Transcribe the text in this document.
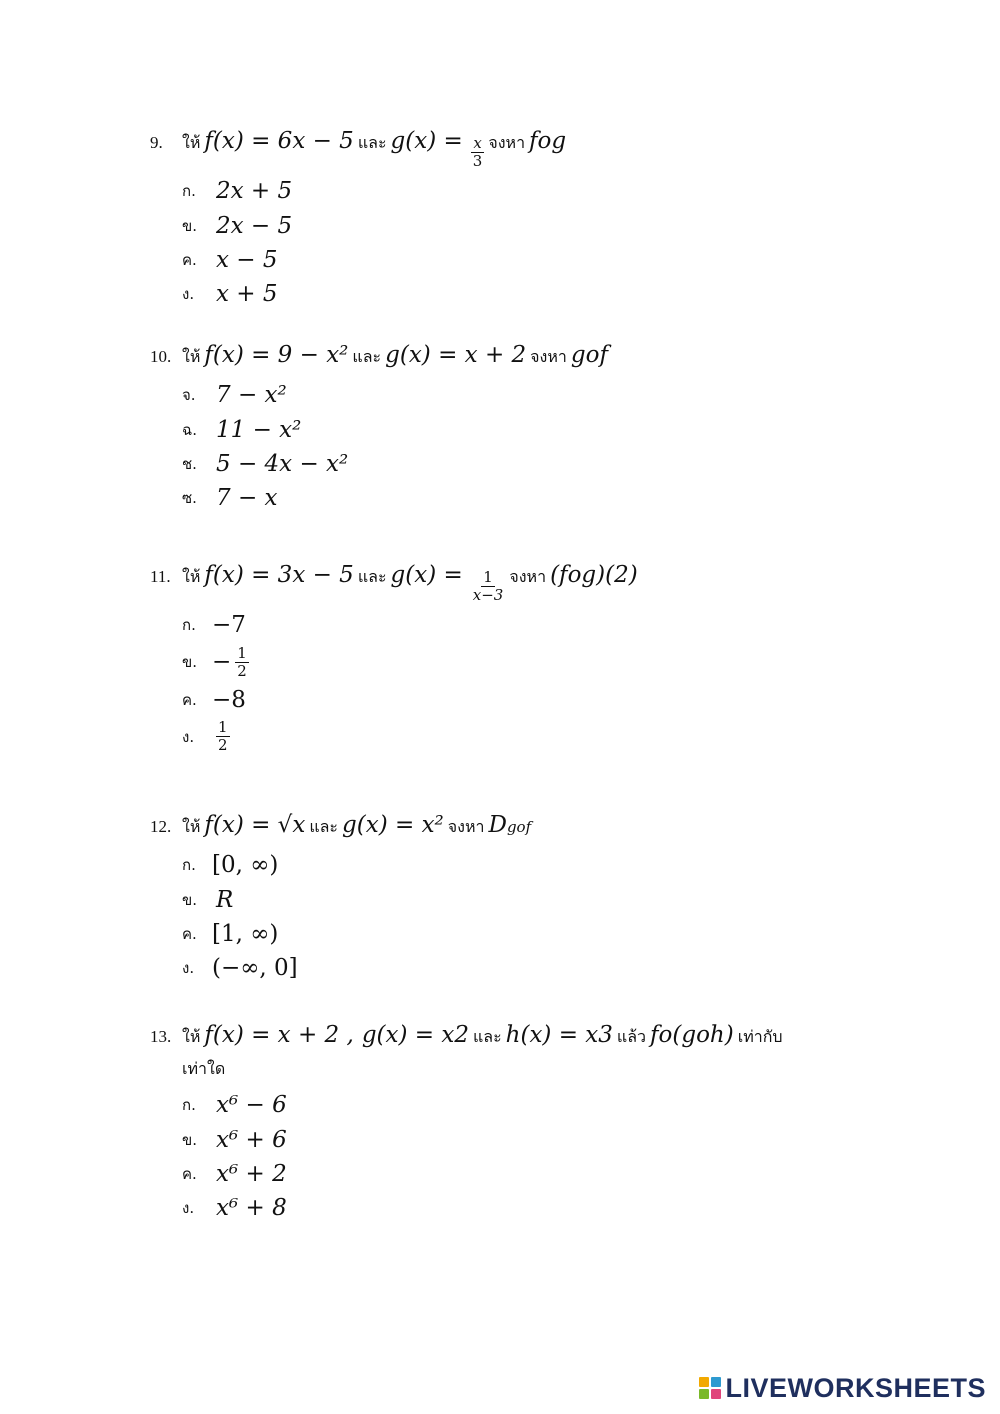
9.	ให้ f(x) = 6x − 5 และ $g(x) = \frac{x}{3}$ จงหา fog
ก. 2x + 5
ข. 2x − 5
ค. x − 5
ง. x + 5
10. ให้ f(x) = 9 − x² และ g(x) = x + 2 จงหา gof
จ. 7 − x²
ฉ. 11 − x²
ช. 5 − 4x − x²
ซ. 7 − x
11. ให้ f(x) = 3x − 5 และ $g(x) = \frac{1}{x-3}$ จงหา (fog)(2)
ก. −7
ข. − $\frac{1}{2}$
ค. −8
ง.	$\frac{1}{2}$
12. ให้ f(x) = √x และ g(x) = x² จงหา D gof
ก. [0, ∞)
ข. R
ค. [1, ∞)
ง. (−∞, 0]
13. ให้ f(x) = x + 2 , g(x) = x2 และ h(x) = x3 แล้ว fo(goh) เท่ากับ
เท่าใด
ก. x⁶ − 6
ข. x⁶ + 6
ค. x⁶ + 2
ง. x⁶ + 8
LIVEWORKSHEETS
